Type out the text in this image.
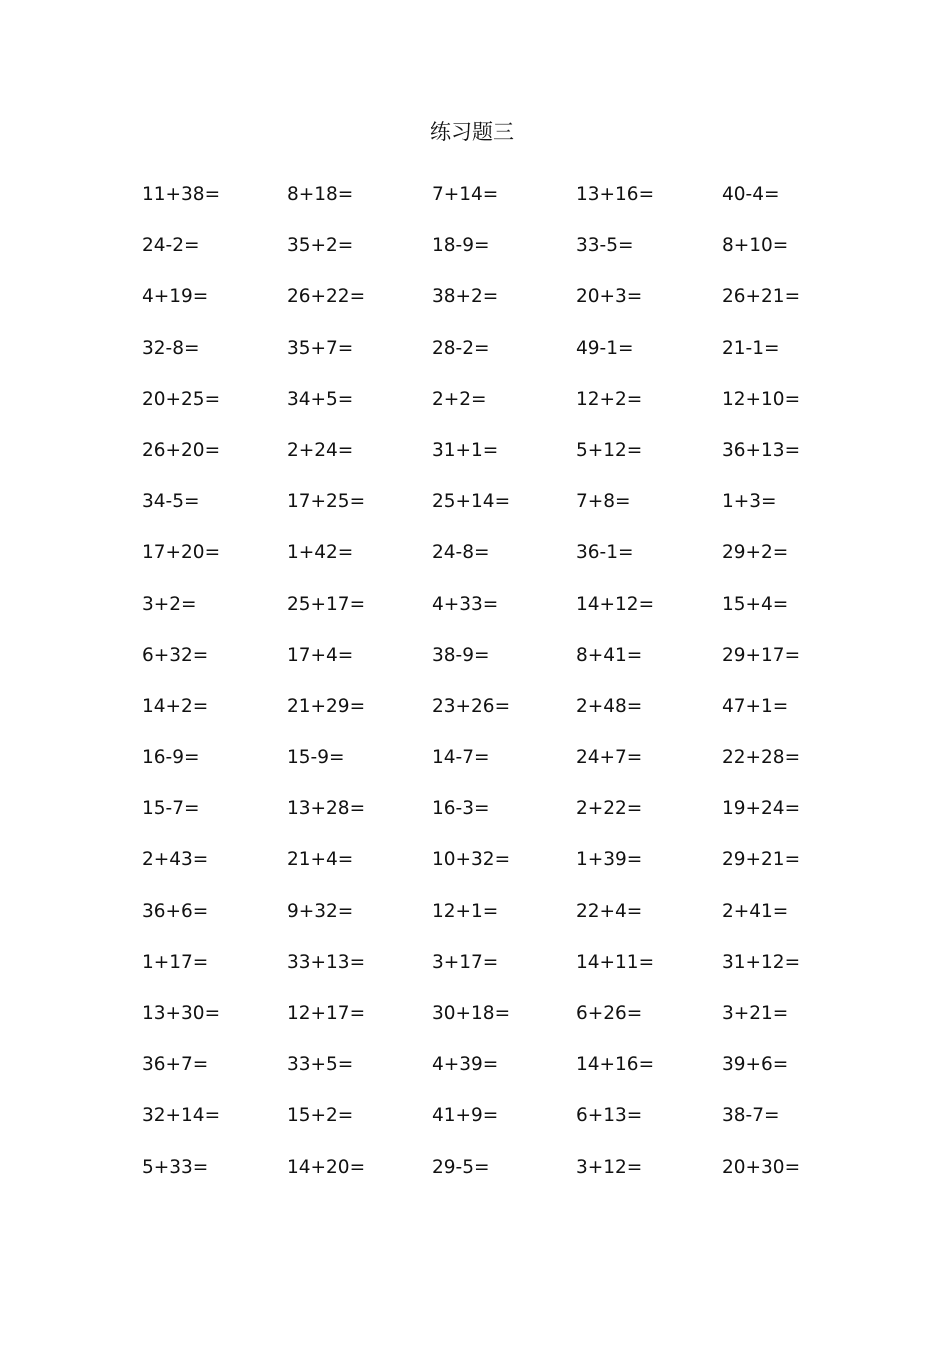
练习题三
11+38=	8+18=	7+14=	13+16=	40-4=
24-2=	35+2=	18-9=	33-5=	8+10=
4+19=	26+22=	38+2=	20+3=	26+21=
32-8=	35+7=	28-2=	49-1=	21-1=
20+25=	34+5=	2+2=	12+2=	12+10=
26+20=	2+24=	31+1=	5+12=	36+13=
34-5=	17+25=	25+14=	7+8=	1+3=
17+20=	1+42=	24-8=	36-1=	29+2=
3+2=	25+17=	4+33=	14+12=	15+4=
6+32=	17+4=	38-9=	8+41=	29+17=
14+2=	21+29=	23+26=	2+48=	47+1=
16-9=	15-9=	14-7=	24+7=	22+28=
15-7=	13+28=	16-3=	2+22=	19+24=
2+43=	21+4=	10+32=	1+39=	29+21=
36+6=	9+32=	12+1=	22+4=	2+41=
1+17=	33+13=	3+17=	14+11=	31+12=
13+30=	12+17=	30+18=	6+26=	3+21=
36+7=	33+5=	4+39=	14+16=	39+6=
32+14=	15+2=	41+9=	6+13=	38-7=
5+33=	14+20=	29-5=	3+12=	20+30=
